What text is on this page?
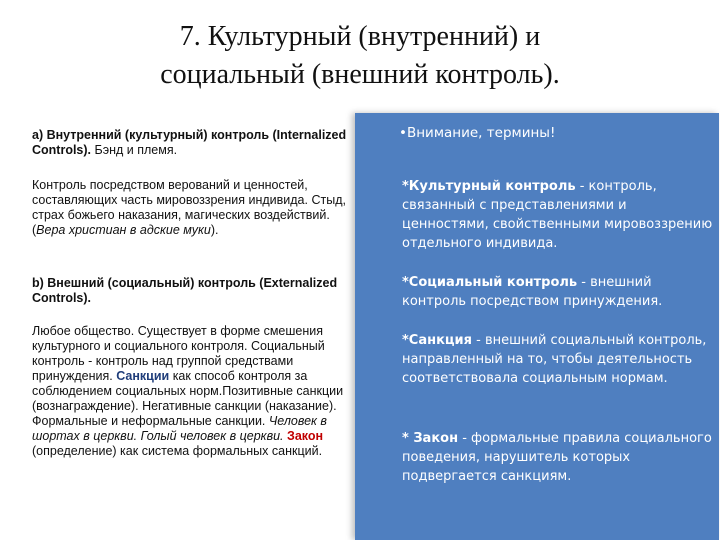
7. Культурный (внутренний) и
социальный (внешний контроль).
а) Внутренний (культурный) контроль (Internalized Controls). Бэнд и племя.
Контроль посредством верований и ценностей, составляющих часть мировоззрения индивида. Стыд, страх божьего наказания, магических воздействий. (Вера христиан в адские муки).
b) Внешний (социальный) контроль (Externalized Controls).
Любое общество. Существует в форме смешения культурного и социального контроля. Социальный контроль - контроль над группой средствами принуждения. Санкции как способ контроля за соблюдением социальных норм.Позитивные санкции (вознаграждение). Негативные санкции (наказание). Формальные и неформальные санкции. Человек в шортах в церкви. Голый человек в церкви. Закон (определение) как система формальных санкций.
•Внимание, термины!
*Культурный контроль - контроль, связанный с представлениями и ценностями, свойственными мировоззрению отдельного индивида.
*Социальный контроль - внешний контроль посредством принуждения.
*Санкция - внешний социальный контроль, направленный на то, чтобы деятельность соответствовала социальным нормам.
* Закон - формальные правила социального поведения, нарушитель которых подвергается санкциям.
